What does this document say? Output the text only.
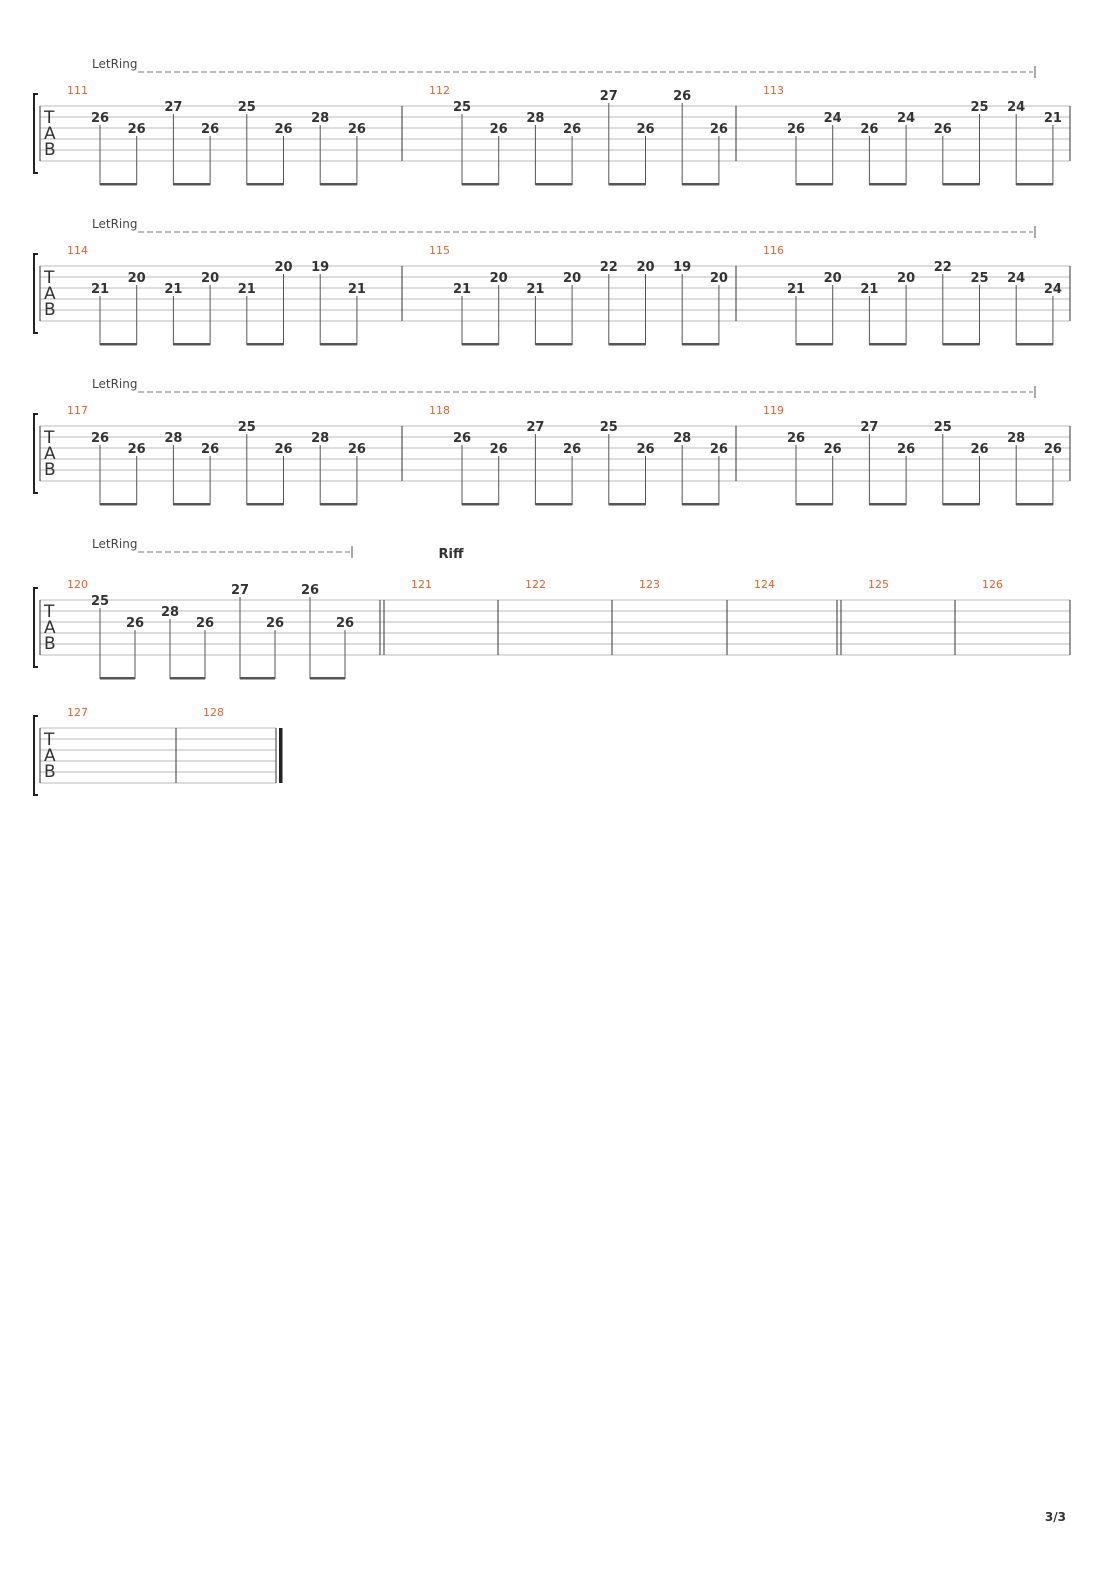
T
A
B
LetRing
111
26
26
27
26
25
26
28
26
112
25
26
28
26
27
26
26
26
113
26
24
26
24
26
25 24
21
T
A
B
LetRing
114
21
20
21
20
21
20 19
21
115
21
20
21
20
22 20 19
20
116
21
20
21
20
22
25 24
24
T
A
B
LetRing
117
26
26
28
26
25
26
28
26
118
26
26
27
26
25
26
28
26
119
26
26
27
26
25
26
28
26
T
A
B
LetRing
Riff
120
25
26
28
26
27
26
26
26
121	122	123	124	125	126
T
A
B
127	128
3/3
